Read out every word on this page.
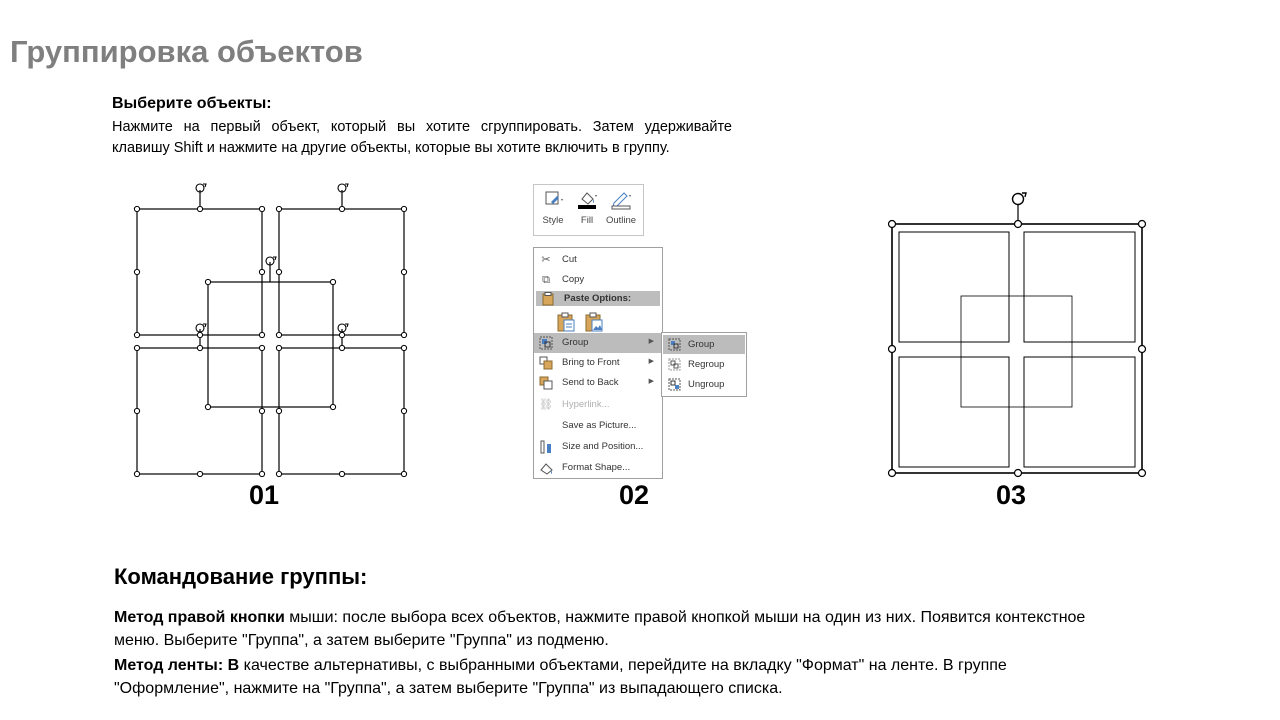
Группировка объектов
Выберите объекты:
Нажмите на первый объект, который вы хотите сгруппировать. Затем удерживайте клавишу Shift и нажмите на другие объекты, которые вы хотите включить в группу.
01
Style	Fill	Outline
✂ Cut
⧉	Copy
Paste Options:
Group	▶
Bring to Front	▶
Send to Back	▶
⛓ Hyperlink...
Save as Picture...
Size and Position...
Format Shape...
Group
Regroup
Ungroup
02	03
Командование группы:
Метод правой кнопки мыши: после выбора всех объектов, нажмите правой кнопкой мыши на один из них. Появится контекстное меню. Выберите "Группа", а затем выберите "Группа" из подменю.
Метод ленты: В качестве альтернативы, с выбранными объектами, перейдите на вкладку "Формат" на ленте. В группе "Оформление", нажмите на "Группа", а затем выберите "Группа" из выпадающего списка.
